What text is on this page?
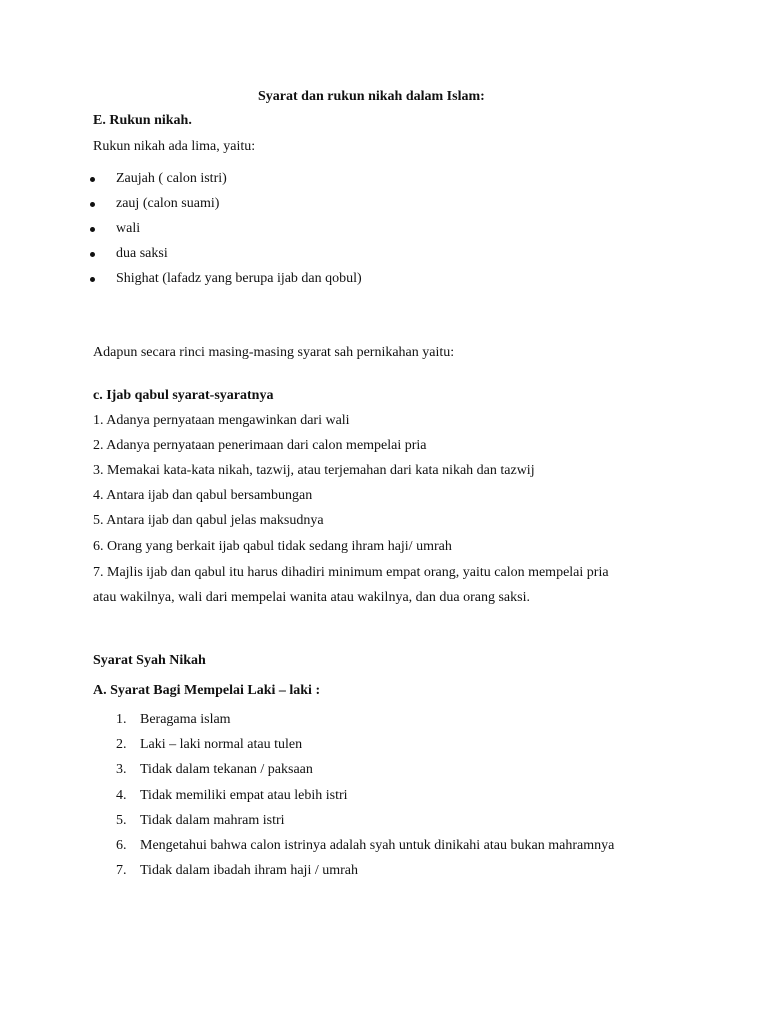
Syarat dan rukun nikah dalam Islam:
E. Rukun nikah.
Rukun nikah ada lima, yaitu:
Zaujah ( calon istri)
zauj (calon suami)
wali
dua saksi
Shighat (lafadz yang berupa ijab dan qobul)
Adapun secara rinci masing-masing syarat sah pernikahan yaitu:
c. Ijab qabul syarat-syaratnya
1. Adanya pernyataan mengawinkan dari wali
2. Adanya pernyataan penerimaan dari calon mempelai pria
3. Memakai kata-kata nikah, tazwij, atau terjemahan dari kata nikah dan tazwij
4. Antara ijab dan qabul bersambungan
5. Antara ijab dan qabul jelas maksudnya
6. Orang yang berkait ijab qabul tidak sedang ihram haji/ umrah
7. Majlis ijab dan qabul itu harus dihadiri minimum empat orang, yaitu calon mempelai pria
atau wakilnya, wali dari mempelai wanita atau wakilnya, dan dua orang saksi.
Syarat Syah Nikah
A. Syarat Bagi Mempelai Laki – laki :
1. Beragama islam
2. Laki – laki normal atau tulen
3. Tidak dalam tekanan / paksaan
4. Tidak memiliki empat atau lebih istri
5. Tidak dalam mahram istri
6. Mengetahui bahwa calon istrinya adalah syah untuk dinikahi atau bukan mahramnya
7. Tidak dalam ibadah ihram haji / umrah
